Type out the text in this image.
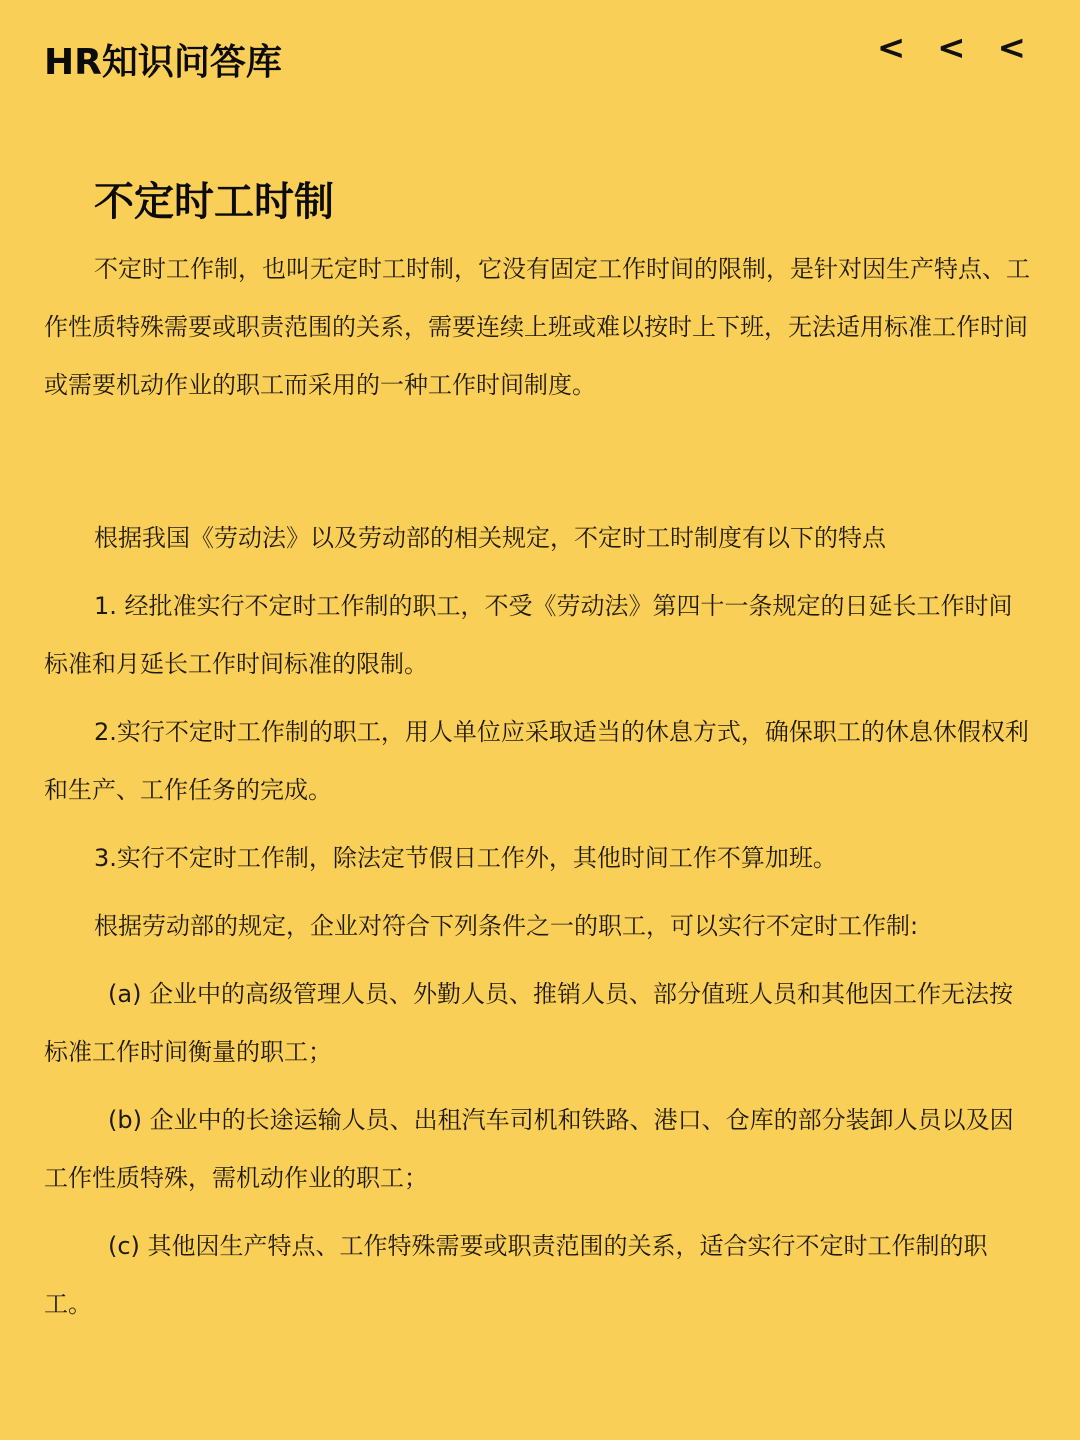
HR知识问答库	< < <
不定时工时制

不定时工作制，也叫无定时工时制，它没有固定工作时间的限制，是针对因生产特点、工作性质特殊需要或职责范围的关系，需要连续上班或难以按时上下班，无法适用标准工作时间或需要机动作业的职工而采用的一种工作时间制度。

根据我国《劳动法》以及劳动部的相关规定，不定时工时制度有以下的特点

1. 经批准实行不定时工作制的职工，不受《劳动法》第四十一条规定的日延长工作时间标准和月延长工作时间标准的限制。

2.实行不定时工作制的职工，用人单位应采取适当的休息方式，确保职工的休息休假权利和生产、工作任务的完成。

3.实行不定时工作制，除法定节假日工作外，其他时间工作不算加班。

根据劳动部的规定，企业对符合下列条件之一的职工，可以实行不定时工作制:

(a) 企业中的高级管理人员、外勤人员、推销人员、部分值班人员和其他因工作无法按标准工作时间衡量的职工；

(b) 企业中的长途运输人员、出租汽车司机和铁路、港口、仓库的部分装卸人员以及因工作性质特殊，需机动作业的职工；

(c) 其他因生产特点、工作特殊需要或职责范围的关系，适合实行不定时工作制的职工。
